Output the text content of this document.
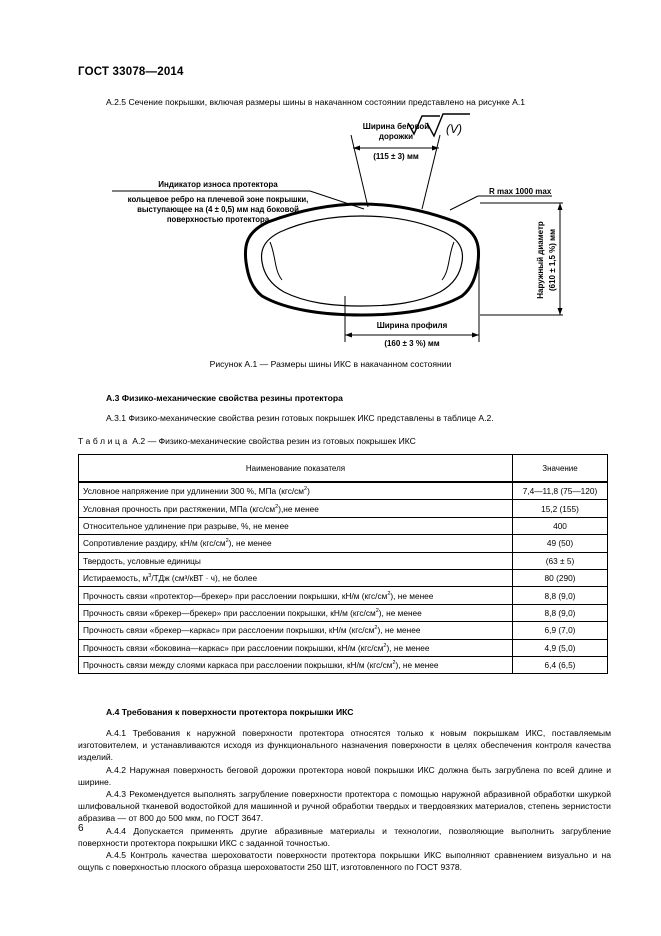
ГОСТ 33078—2014
А.2.5 Сечение покрышки, включая размеры шины в накачанном состоянии представлено на рисунке А.1
(V)
Ширина беговой
дорожки
(115 ± 3) мм
Индикатор износа протектора
кольцевое ребро на плечевой зоне покрышки,
выступающее на (4 ± 0,5) мм над боковой
поверхностью протектора
R max 1000 max
Наружный диаметр (610 ± 1,5 %) мм
Ширина профиля
(160 ± 3 %) мм
Рисунок А.1 — Размеры шины ИКС в накачанном состоянии
А.3 Физико-механические свойства резины протектора
А.3.1 Физико-механические свойства резин готовых покрышек ИКС представлены в таблице А.2.
Таблица А.2 — Физико-механические свойства резин из готовых покрышек ИКС
Наименование показателя	Значение
Условное напряжение при удлинении 300 %, МПа $(кгс/см^2)$	7,4—11,8 (75—120)
Условная прочность при растяжении, МПа $(кгс/см^2),не$ менее	15,2 (155)
Относительное удлинение при разрыве, %, не менее	400
Сопротивление раздиру, кН/м $(кгс/см^2)$, не менее	49 (50)
Твердость, условные единицы	(63 ± 5)
Истираемость, $м^3$/ТДж (см³/кВТ · ч), не более	80 (290)
Прочность связи «протектор—брекер» при расслоении покрышки, кН/м $(кгс/см^2)$, не менее	8,8 (9,0)
Прочность связи «брекер—брекер» при расслоении покрышки, кН/м $(кгс/см^2)$, не менее	8,8 (9,0)
Прочность связи «брекер—каркас» при расслоении покрышки, кН/м $(кгс/см^2)$, не менее	6,9 (7,0)
Прочность связи «боковина—каркас» при расслоении покрышки, кН/м $(кгс/см^2)$, не менее	4,9 (5,0)
Прочность связи между слоями каркаса при расслоении покрышки, кН/м $(кгс/см^2)$, не менее	6,4 (6,5)
А.4 Требования к поверхности протектора покрышки ИКС

А.4.1 Требования к наружной поверхности протектора относятся только к новым покрышкам ИКС, поставляемым изготовителем, и устанавливаются исходя из функционального назначения поверхности в целях обеспечения контроля качества изделий.

А.4.2 Наружная поверхность беговой дорожки протектора новой покрышки ИКС должна быть загрублена по всей длине и ширине.

А.4.3 Рекомендуется выполнять загрубление поверхности протектора с помощью наружной абразивной обработки шкуркой шлифовальной тканевой водостойкой для машинной и ручной обработки твердых и твердовязких материалов, степень зернистости абразива — от 800 до 500 мкм, по ГОСТ 3647.

А.4.4 Допускается применять другие абразивные материалы и технологии, позволяющие выполнить загрубление поверхности протектора покрышки ИКС с заданной точностью.

А.4.5 Контроль качества шероховатости поверхности протектора покрышки ИКС выполняют сравнением визуально и на ощупь с поверхностью плоского образца шероховатости 250 ШТ, изготовленного по ГОСТ 9378.

6
